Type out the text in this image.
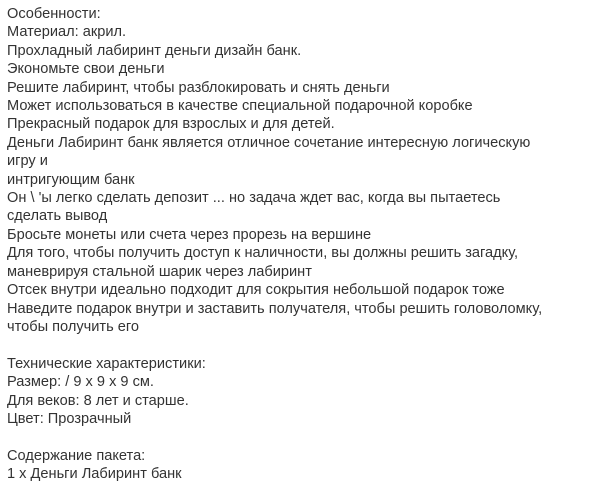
Особенности:
Материал: акрил.
Прохладный лабиринт деньги дизайн банк.
Экономьте свои деньги
Решите лабиринт, чтобы разблокировать и снять деньги
Может использоваться в качестве специальной подарочной коробке
Прекрасный подарок для взрослых и для детей.
Деньги Лабиринт банк является отличное сочетание интересную логическую
игру и
интригующим банк
Он \ 'ы легко сделать депозит ... но задача ждет вас, когда вы пытаетесь
сделать вывод
Бросьте монеты или счета через прорезь на вершине
Для того, чтобы получить доступ к наличности, вы должны решить загадку,
маневрируя стальной шарик через лабиринт
Отсек внутри идеально подходит для сокрытия небольшой подарок тоже
Наведите подарок внутри и заставить получателя, чтобы решить головоломку,
чтобы получить его
Технические характеристики:
Размер: / 9 x 9 x 9 см.
Для веков: 8 лет и старше.
Цвет: Прозрачный
Содержание пакета:
1 x Деньги Лабиринт банк
